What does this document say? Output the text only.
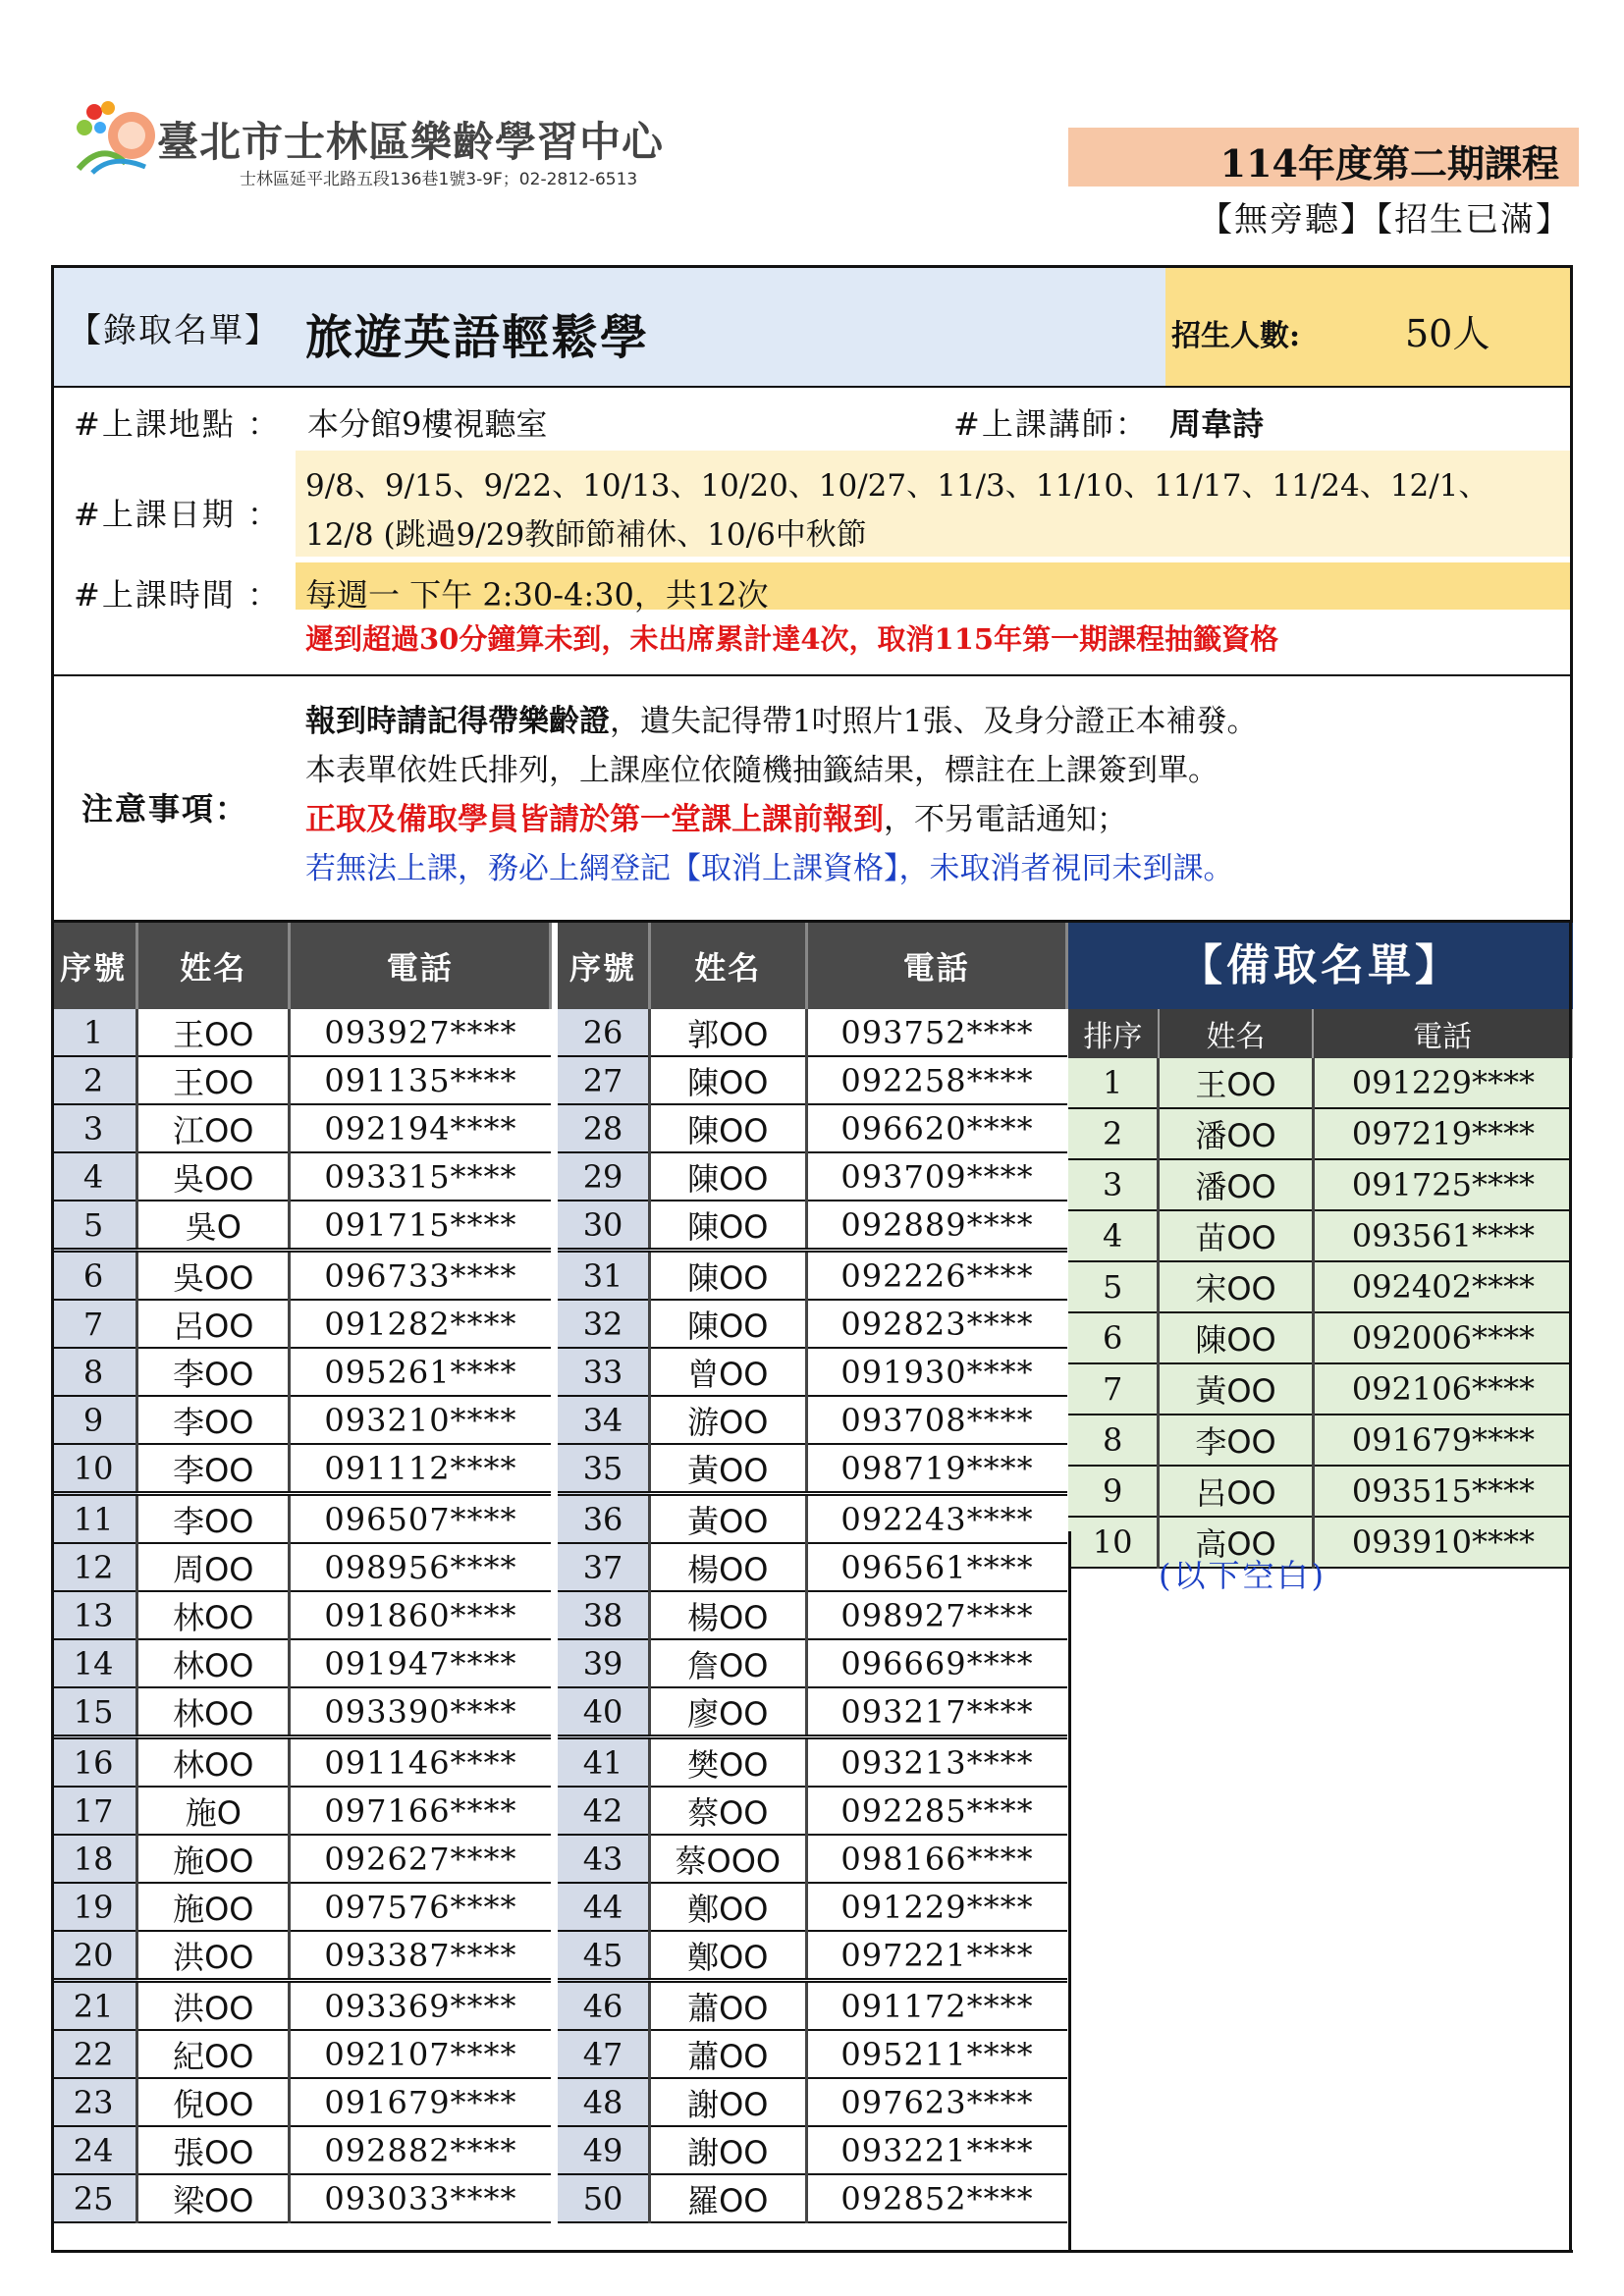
臺北市士林區樂齡學習中心
士林區延平北路五段136巷1號3-9F；02-2812-6513	114年度第二期課程
【無旁聽】【招生已滿】
【錄取名單】 旅遊英語輕鬆學	招生人數:	50人
#上課地點 ： 本分館9樓視聽室	#上課講師： 周韋詩
#上課日期 ：
9/8、9/15、9/22、10/13、10/20、10/27、11/3、11/10、11/17、11/24、12/1、
12/8 (跳過9/29教師節補休、10/6中秋節
#上課時間 ： 每週一 下午 2:30-4:30，共12次
遲到超過30分鐘算未到，未出席累計達4次，取消115年第一期課程抽籤資格
注意事項：
報到時請記得帶樂齡證，遺失記得帶1吋照片1張、及身分證正本補發。
本表單依姓氏排列，上課座位依隨機抽籤結果，標註在上課簽到單。
正取及備取學員皆請於第一堂課上課前報到，不另電話通知；
若無法上課，務必上網登記【取消上課資格】，未取消者視同未到課。
序號	姓名	電話
1	王OO	093927****
2	王OO	091135****
3	江OO	092194****
4	吳OO	093315****
5	吳O	091715****
6	吳OO	096733****
7	呂OO	091282****
8	李OO	095261****
9	李OO	093210****
10	李OO	091112****
11	李OO	096507****
12	周OO	098956****
13	林OO	091860****
14	林OO	091947****
15	林OO	093390****
16	林OO	091146****
17	施O	097166****
18	施OO	092627****
19	施OO	097576****
20	洪OO	093387****
21	洪OO	093369****
22	紀OO	092107****
23	倪OO	091679****
24	張OO	092882****
25	梁OO	093033****
序號	姓名	電話
26	郭OO	093752****
27	陳OO	092258****
28	陳OO	096620****
29	陳OO	093709****
30	陳OO	092889****
31	陳OO	092226****
32	陳OO	092823****
33	曾OO	091930****
34	游OO	093708****
35	黃OO	098719****
36	黃OO	092243****
37	楊OO	096561****
38	楊OO	098927****
39	詹OO	096669****
40	廖OO	093217****
41	樊OO	093213****
42	蔡OO	092285****
43	蔡OOO	098166****
44	鄭OO	091229****
45	鄭OO	097221****
46	蕭OO	091172****
47	蕭OO	095211****
48	謝OO	097623****
49	謝OO	093221****
50	羅OO	092852****
【備取名單】
排序	姓名	電話
1	王OO	091229****
2	潘OO	097219****
3	潘OO	091725****
4	苗OO	093561****
5	宋OO	092402****
6	陳OO	092006****
7	黃OO	092106****
8	李OO	091679****
9	呂OO	093515****
10	高OO	093910****
(以下空白)
